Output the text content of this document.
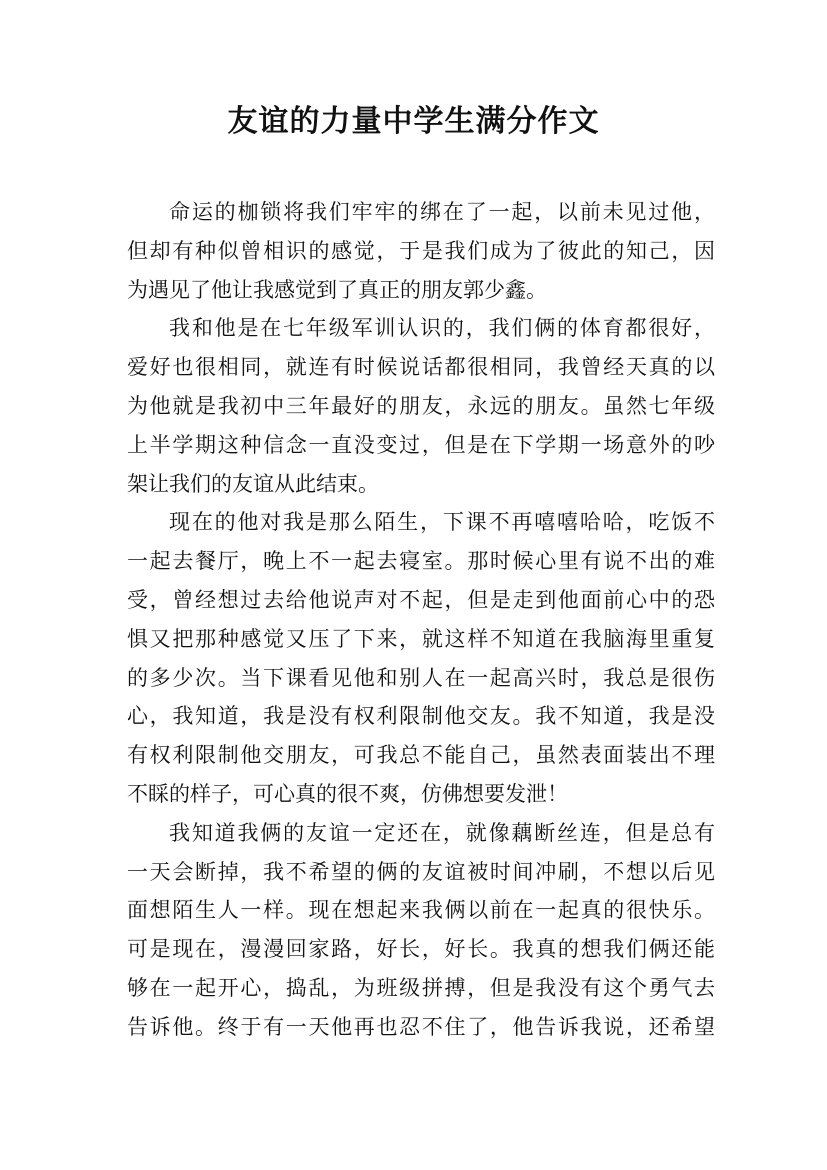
友谊的力量中学生满分作文
命运的枷锁将我们牢牢的绑在了一起，以前未见过他，
但却有种似曾相识的感觉，于是我们成为了彼此的知己，因
为遇见了他让我感觉到了真正的朋友郭少鑫。
我和他是在七年级军训认识的，我们俩的体育都很好，
爱好也很相同，就连有时候说话都很相同，我曾经天真的以
为他就是我初中三年最好的朋友，永远的朋友。虽然七年级
上半学期这种信念一直没变过，但是在下学期一场意外的吵
架让我们的友谊从此结束。
现在的他对我是那么陌生，下课不再嘻嘻哈哈，吃饭不
一起去餐厅，晚上不一起去寝室。那时候心里有说不出的难
受，曾经想过去给他说声对不起，但是走到他面前心中的恐
惧又把那种感觉又压了下来，就这样不知道在我脑海里重复
的多少次。当下课看见他和别人在一起高兴时，我总是很伤
心，我知道，我是没有权利限制他交友。我不知道，我是没
有权利限制他交朋友，可我总不能自己，虽然表面装出不理
不睬的样子，可心真的很不爽，仿佛想要发泄！
我知道我俩的友谊一定还在，就像藕断丝连，但是总有
一天会断掉，我不希望的俩的友谊被时间冲刷，不想以后见
面想陌生人一样。现在想起来我俩以前在一起真的很快乐。
可是现在，漫漫回家路，好长，好长。我真的想我们俩还能
够在一起开心，捣乱，为班级拼搏，但是我没有这个勇气去
告诉他。终于有一天他再也忍不住了，他告诉我说，还希望
